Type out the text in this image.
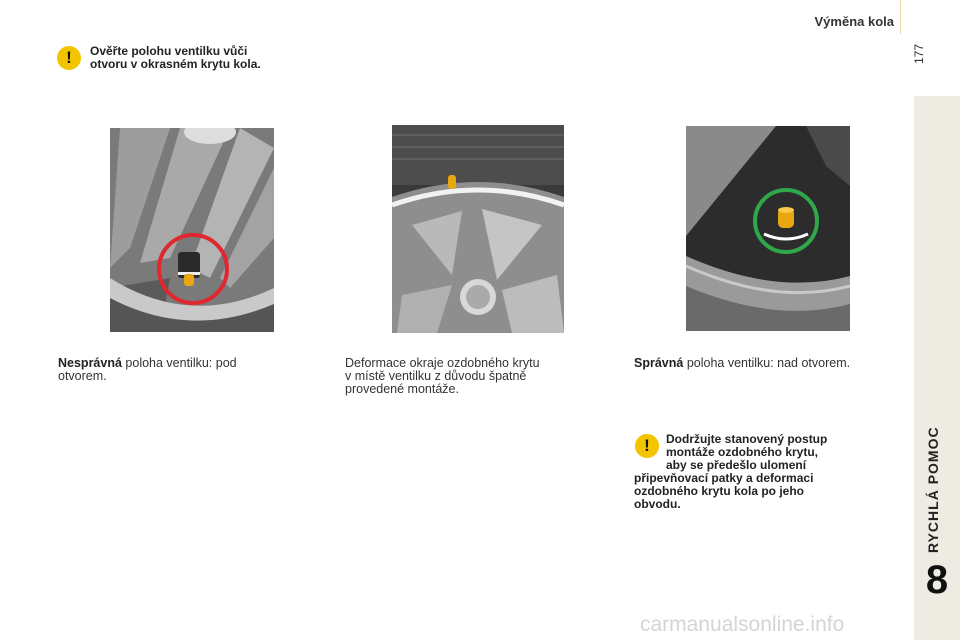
Výměna kola
177
RYCHLÁ POMOC
8
!	Ověřte polohu ventilku vůči
otvoru v okrasném krytu kola.
Nesprávná poloha ventilku: pod
otvorem.
Deformace okraje ozdobného krytu
v místě ventilku z důvodu špatně
provedené montáže.
Správná poloha ventilku: nad otvorem.
!	Dodržujte stanovený postup
montáže ozdobného krytu,
aby se předešlo ulomení
připevňovací patky a deformaci
ozdobného krytu kola po jeho
obvodu.
carmanualsonline.info
